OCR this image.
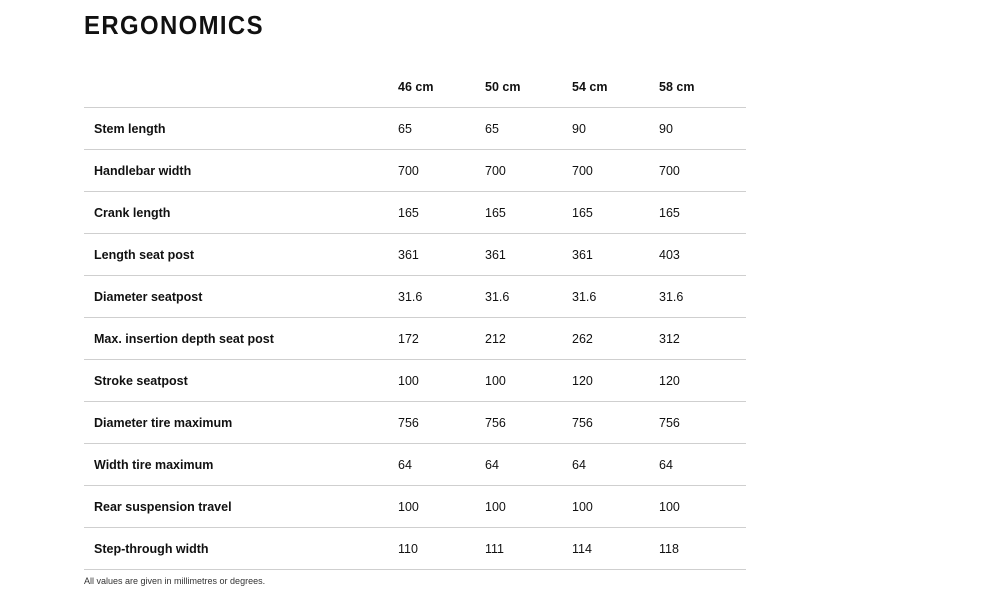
ERGONOMICS
	46 cm	50 cm	54 cm	58 cm
Stem length	65	65	90	90
Handlebar width	700	700	700	700
Crank length	165	165	165	165
Length seat post	361	361	361	403
Diameter seatpost	31.6	31.6	31.6	31.6
Max. insertion depth seat post	172	212	262	312
Stroke seatpost	100	100	120	120
Diameter tire maximum	756	756	756	756
Width tire maximum	64	64	64	64
Rear suspension travel	100	100	100	100
Step-through width	110	111	114	118
All values are given in millimetres or degrees.
